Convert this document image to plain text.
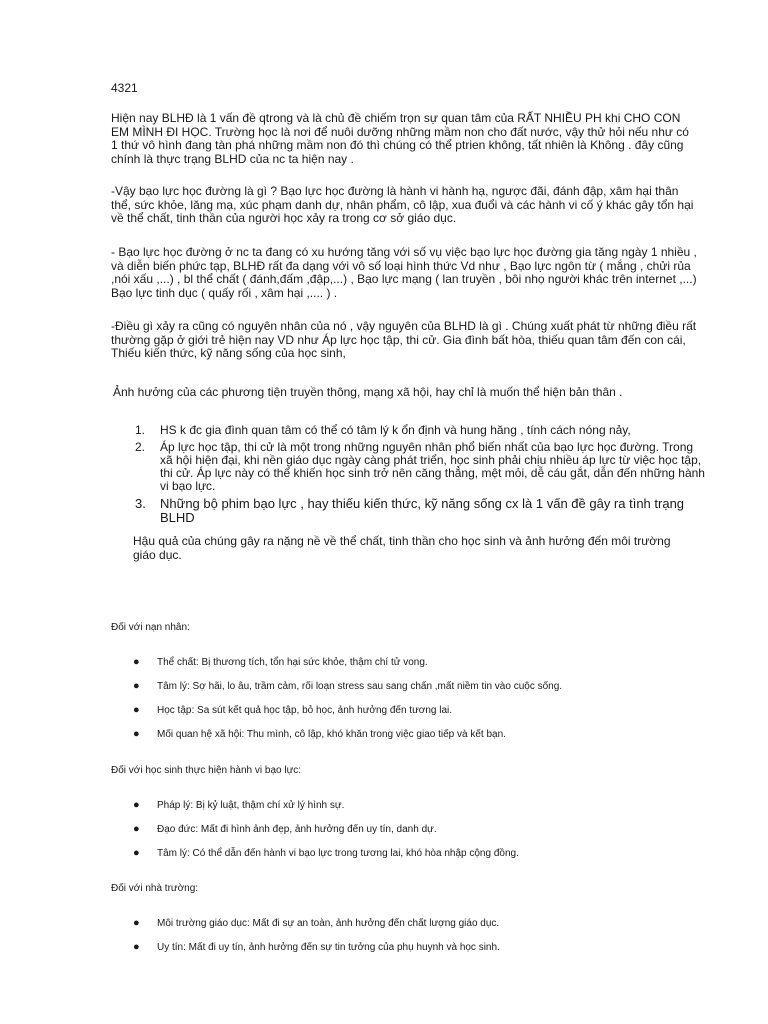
4321

Hiện nay BLHĐ là 1 vấn đề qtrong và là chủ đề chiếm trọn sự quan tâm của RẤT NHIỀU PH khi CHO CON EM MÌNH ĐI HỌC. Trường học là nơi để nuôi dưỡng những mầm non cho đất nước, vậy thử hỏi nếu như có 1 thứ vô hình đang tàn phá những mầm non đó thì chúng có thể ptrien không, tất nhiên là Không . đây cũng chính là thực trạng BLHD của nc ta hiện nay .

-Vậy bạo lực học đường là gì ? Bạo lực học đường là hành vi hành hạ, ngược đãi, đánh đập, xâm hại thân thể, sức khỏe, lăng mạ, xúc phạm danh dự, nhân phẩm, cô lập, xua đuổi và các hành vi cố ý khác gây tổn hại về thể chất, tinh thần của người học xảy ra trong cơ sở giáo dục.

- Bạo lực học đường ở nc ta đang có xu hướng tăng với số vụ việc bạo lực học đường gia tăng ngày 1 nhiều , và diễn biến phức tạp, BLHĐ rất đa dạng với vô số loại hình thức Vd như , Bạo lực ngôn từ ( mắng , chửi rủa ,nói xấu ,...) , bl thể chất ( đánh,đấm ,đập,...) , Bạo lực mạng ( lan truyền , bôi nhọ người khác trên internet ,...) Bạo lực tinh dục ( quấy rối , xâm hại ,.... ) .

-Điều gì xảy ra cũng có nguyên nhân của nó , vậy nguyên của BLHD là gì . Chúng xuất phát từ những điều rất thường gặp ở giới trẻ hiện nay VD như Áp lực học tập, thi cử. Gia đình bất hòa, thiếu quan tâm đến con cái, Thiếu kiến thức, kỹ năng sống của học sinh,

Ảnh hưởng của các phương tiện truyền thông, mạng xã hội, hay chỉ là muốn thể hiện bản thân .

1. HS k đc gia đình quan tâm có thể có tâm lý k ổn định và hung hăng , tính cách nóng nảy,
2. Áp lực học tập, thi cử là một trong những nguyên nhân phổ biến nhất của bạo lực học đường. Trong xã hội hiện đại, khi nền giáo dục ngày càng phát triển, học sinh phải chịu nhiều áp lực từ việc học tập, thi cử. Áp lực này có thể khiến học sinh trở nên căng thẳng, mệt mỏi, dễ cáu gắt, dẫn đến những hành vi bạo lực.
3. Những bộ phim bạo lực , hay thiếu kiến thức, kỹ năng sống cx là 1 vấn đề gây ra tình trạng BLHD

Hậu quả của chúng gây ra nặng nề về thể chất, tinh thần cho học sinh và ảnh hưởng đến môi trường giáo dục.

Đối với nạn nhân:

● Thể chất: Bị thương tích, tổn hại sức khỏe, thậm chí tử vong.
● Tâm lý: Sợ hãi, lo âu, trầm cảm, rối loạn stress sau sang chấn ,mất niềm tin vào cuộc sống.
● Học tập: Sa sút kết quả học tập, bỏ học, ảnh hưởng đến tương lai.
● Mối quan hệ xã hội: Thu mình, cô lập, khó khăn trong việc giao tiếp và kết bạn.

Đối với học sinh thực hiện hành vi bạo lực:

● Pháp lý: Bị kỷ luật, thậm chí xử lý hình sự.
● Đạo đức: Mất đi hình ảnh đẹp, ảnh hưởng đến uy tín, danh dự.
● Tâm lý: Có thể dẫn đến hành vi bạo lực trong tương lai, khó hòa nhập cộng đồng.

Đối với nhà trường:

● Môi trường giáo dục: Mất đi sự an toàn, ảnh hưởng đến chất lượng giáo dục.
● Uy tín: Mất đi uy tín, ảnh hưởng đến sự tin tưởng của phụ huynh và học sinh.
